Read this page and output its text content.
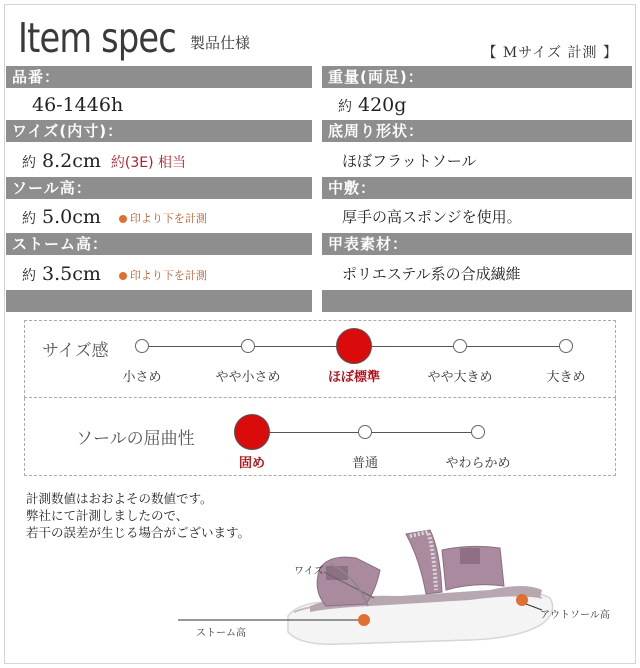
Item spec 製品仕様
【 Mサイズ 計測 】
品番：
46-1446h
ワイズ(内寸)：
約 8.2cm 約(3E) 相当
ソール高：
約 5.0cm	印より下を計測
ストーム高：
約 3.5cm	印より下を計測
重量(両足)：
約 420g
底周り形状：
ほぼフラットソール
中敷：
厚手の高スポンジを使用。
甲表素材：
ポリエステル系の合成繊維
サイズ感
小さめ	やや小さめ	ほぼ標準	やや大きめ	大きめ
ソールの屈曲性
固め	普通	やわらかめ
計測数値はおおよその数値です。
弊社にて計測しましたので、
若干の誤差が生じる場合がございます。
ワイズ
ストーム高
アウトソール高
